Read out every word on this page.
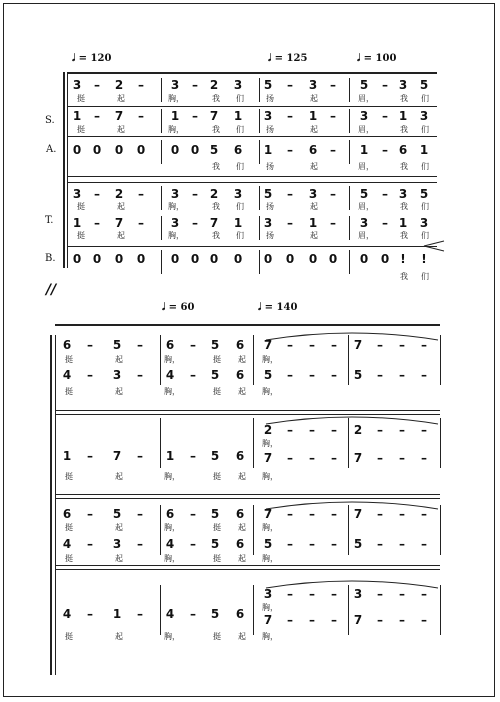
𝅗𝅥 = 120	𝅗𝅥 = 125	𝅗𝅥 = 100
𝅗𝅥 = 60	𝅗𝅥 = 140
S.
A.
T.
B.
3 – 2 – 3 – 2 3 5 – 3 – 5 – 3 5
挺	起	胸，	我 们	扬	起	眉，	我 们
1 – 7 – 1 – 7 1 3 – 1 – 3 – 1 3
挺	起	胸，	我 们	扬	起	眉，	我 们
0 0 0 0 0 0 5 6 1 – 6 – 1 – 6 1
我 们	扬	起	眉，	我 们
3 – 2 – 3 – 2 3 5 – 3 – 5 – 3 5
挺	起	胸，	我 们	扬	起	眉，	我 们
1 – 7 – 3 – 7 1 3 – 1 – 3 – 1 3
挺	起	胸，	我 们	扬	起	眉，	我 们
0 0 0 0 0 0 0 0 0 0 0 0 0 0 ! !
我 们
//
6 – 5 – 6 – 5 6 7 – – – 7 – – –
挺	起	胸，	挺 起 胸，
4 – 3 – 4 – 5 6 5 – – – 5 – – –
挺	起	胸，	挺 起 胸，
2 – – – 2 – – –
胸，
1 – 7 – 1 – 5 6 7 – – – 7 – – –
挺	起	胸，	挺 起 胸，
6 – 5 – 6 – 5 6 7 – – – 7 – – –
挺	起	胸，	挺 起 胸，
4 – 3 – 4 – 5 6 5 – – – 5 – – –
挺	起	胸，	挺 起 胸，
3 – – – 3 – – –
胸，
4 – 1 – 4 – 5 6 7 – – – 7 – – –
挺	起	胸，	挺 起 胸，
